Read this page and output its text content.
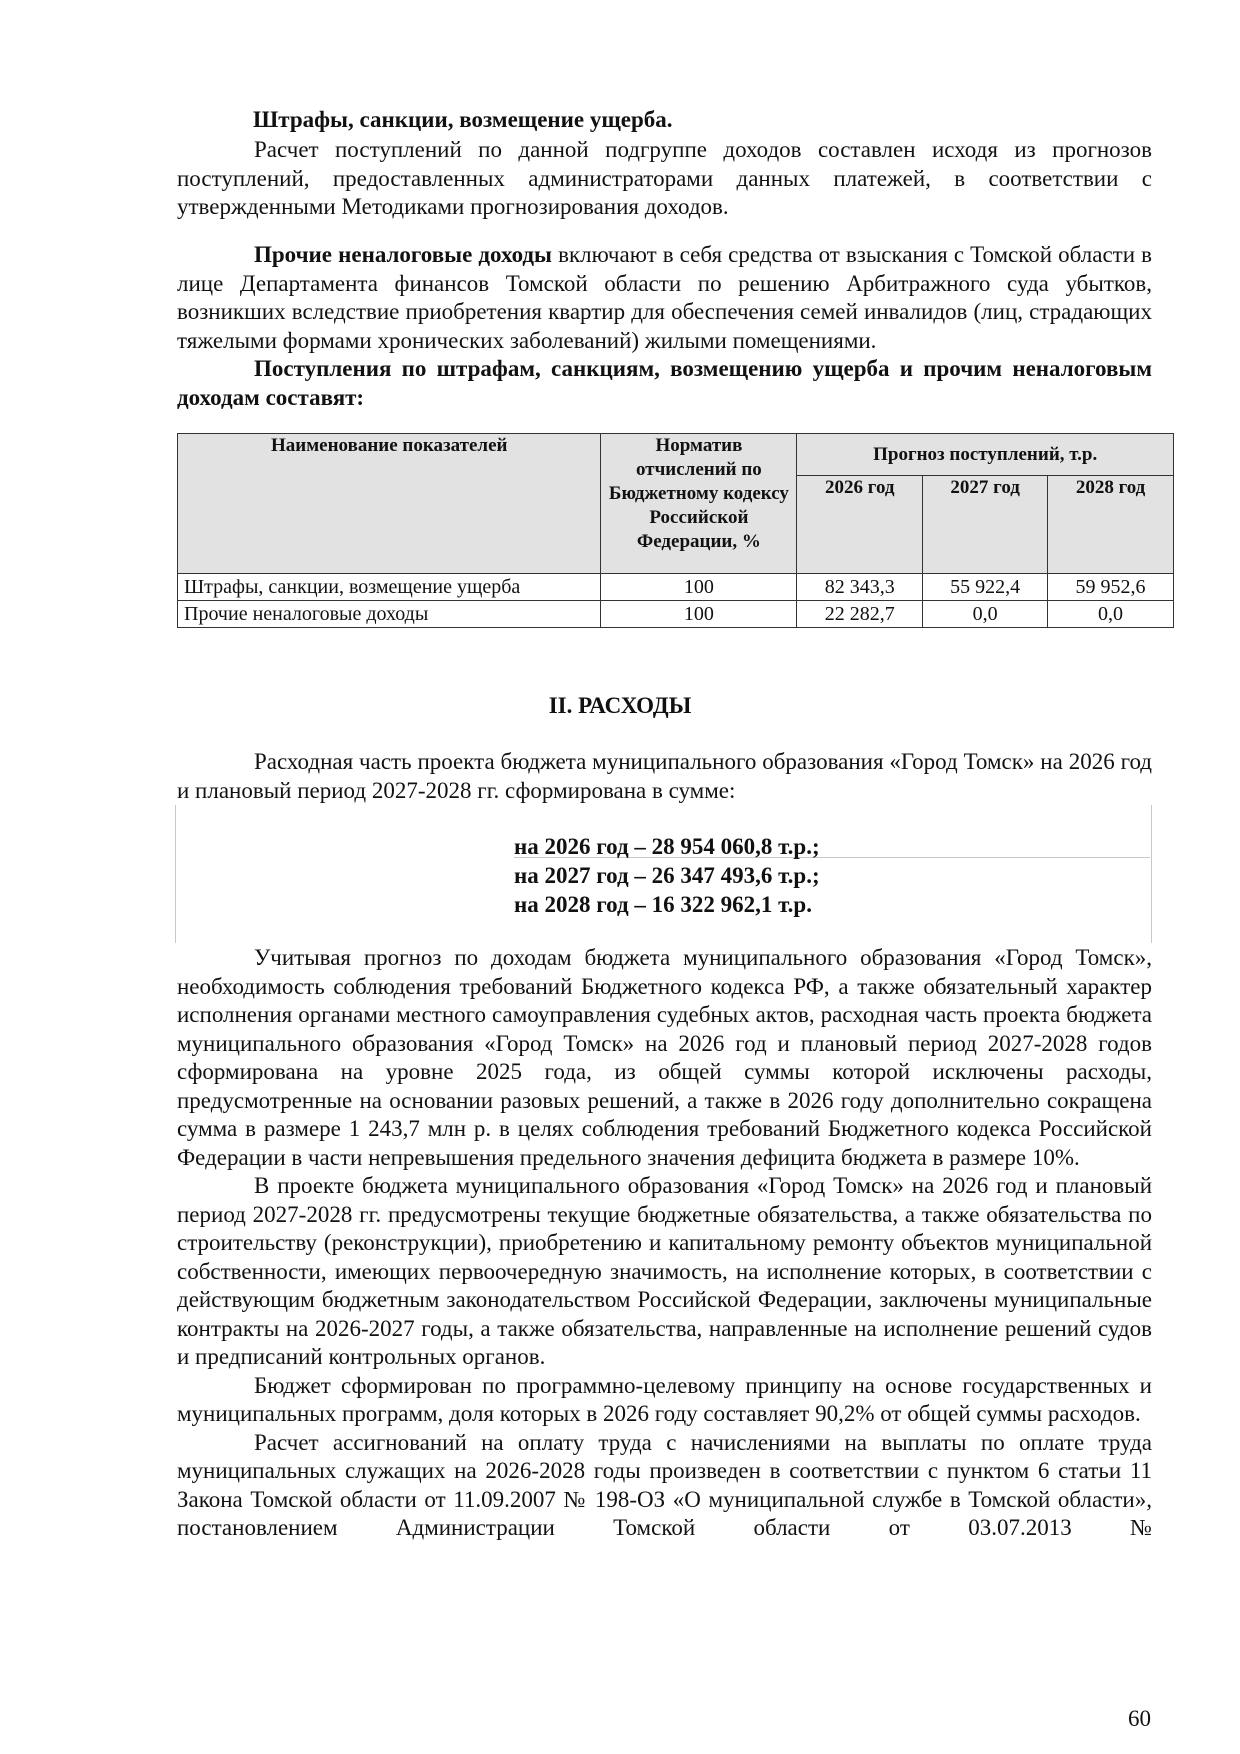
Штрафы, санкции, возмещение ущерба.

Расчет поступлений по данной подгруппе доходов составлен исходя из прогнозов поступлений, предоставленных администраторами данных платежей, в соответствии с утвержденными Методиками прогнозирования доходов.

Прочие неналоговые доходы включают в себя средства от взыскания с Томской области в лице Департамента финансов Томской области по решению Арбитражного суда убытков, возникших вследствие приобретения квартир для обеспечения семей инвалидов (лиц, страдающих тяжелыми формами хронических заболеваний) жилыми помещениями.

Поступления по штрафам, санкциям, возмещению ущерба и прочим неналоговым доходам составят:

Наименование показателей	Норматив отчислений по Бюджетному кодексу Российской Федерации, %	Прогноз поступлений, т.р.		
		2026 год	2027 год	2028 год
Штрафы, санкции, возмещение ущерба	100	82 343,3	55 922,4	59 952,6
Прочие неналоговые доходы	100	22 282,7	0,0	0,0
II. РАСХОДЫ

Расходная часть проекта бюджета муниципального образования «Город Томск» на 2026 год и плановый период 2027-2028 гг. сформирована в сумме:

на 2026 год – 28 954 060,8 т.р.;
на 2027 год – 26 347 493,6 т.р.;
на 2028 год – 16 322 962,1 т.р.

Учитывая прогноз по доходам бюджета муниципального образования «Город Томск», необходимость соблюдения требований Бюджетного кодекса РФ, а также обязательный характер исполнения органами местного самоуправления судебных актов, расходная часть проекта бюджета муниципального образования «Город Томск» на 2026 год и плановый период 2027-2028 годов сформирована на уровне 2025 года, из общей суммы которой исключены расходы, предусмотренные на основании разовых решений, а также в 2026 году дополнительно сокращена сумма в размере 1 243,7 млн р. в целях соблюдения требований Бюджетного кодекса Российской Федерации в части непревышения предельного значения дефицита бюджета в размере 10%.

В проекте бюджета муниципального образования «Город Томск» на 2026 год и плановый период 2027-2028 гг. предусмотрены текущие бюджетные обязательства, а также обязательства по строительству (реконструкции), приобретению и капитальному ремонту объектов муниципальной собственности, имеющих первоочередную значимость, на исполнение которых, в соответствии с действующим бюджетным законодательством Российской Федерации, заключены муниципальные контракты на 2026-2027 годы, а также обязательства, направленные на исполнение решений судов и предписаний контрольных органов.

Бюджет сформирован по программно-целевому принципу на основе государственных и муниципальных программ, доля которых в 2026 году составляет 90,2% от общей суммы расходов.

Расчет ассигнований на оплату труда с начислениями на выплаты по оплате труда муниципальных служащих на 2026-2028 годы произведен в соответствии с пунктом 6 статьи 11 Закона Томской области от 11.09.2007 № 198-ОЗ «О муниципальной службе в Томской области», постановлением Администрации Томской области от 03.07.2013 №

60
